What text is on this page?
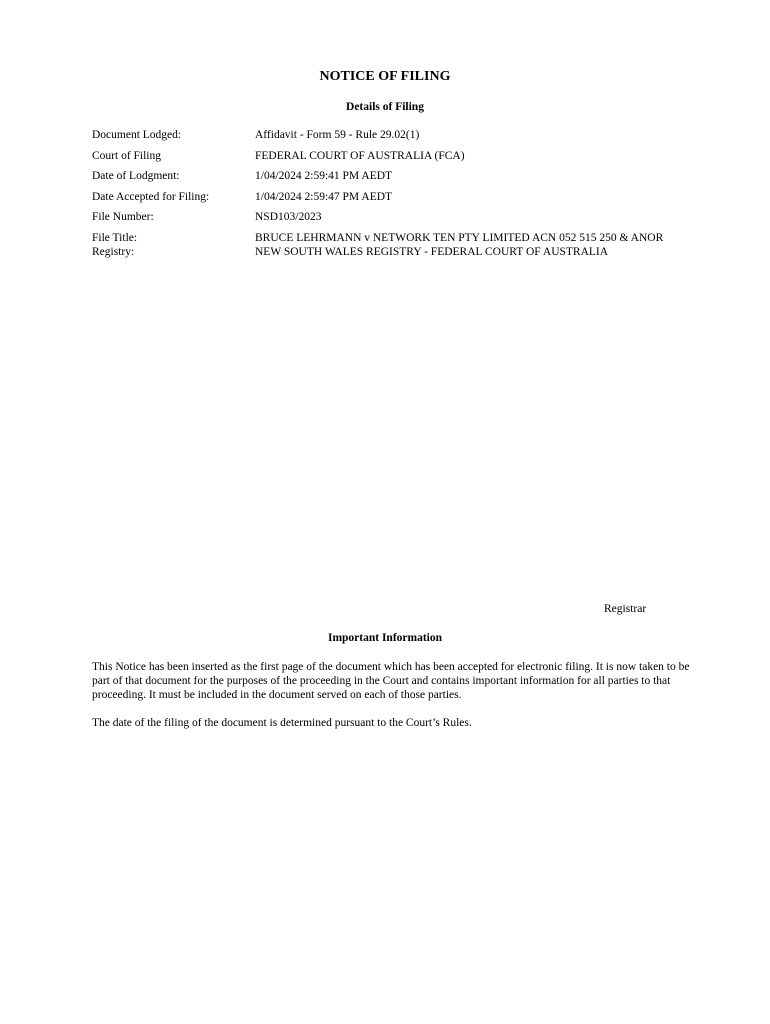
NOTICE OF FILING
Details of Filing
Document Lodged:	Affidavit - Form 59 - Rule 29.02(1)
Court of Filing	FEDERAL COURT OF AUSTRALIA (FCA)
Date of Lodgment:	1/04/2024 2:59:41 PM AEDT
Date Accepted for Filing:	1/04/2024 2:59:47 PM AEDT
File Number:	NSD103/2023
File Title:	BRUCE LEHRMANN v NETWORK TEN PTY LIMITED ACN 052 515 250 & ANOR
Registry:	NEW SOUTH WALES REGISTRY - FEDERAL COURT OF AUSTRALIA
Registrar
Important Information

This Notice has been inserted as the first page of the document which has been accepted for electronic filing. It is now taken to be part of that document for the purposes of the proceeding in the Court and contains important information for all parties to that proceeding. It must be included in the document served on each of those parties.

The date of the filing of the document is determined pursuant to the Court’s Rules.
